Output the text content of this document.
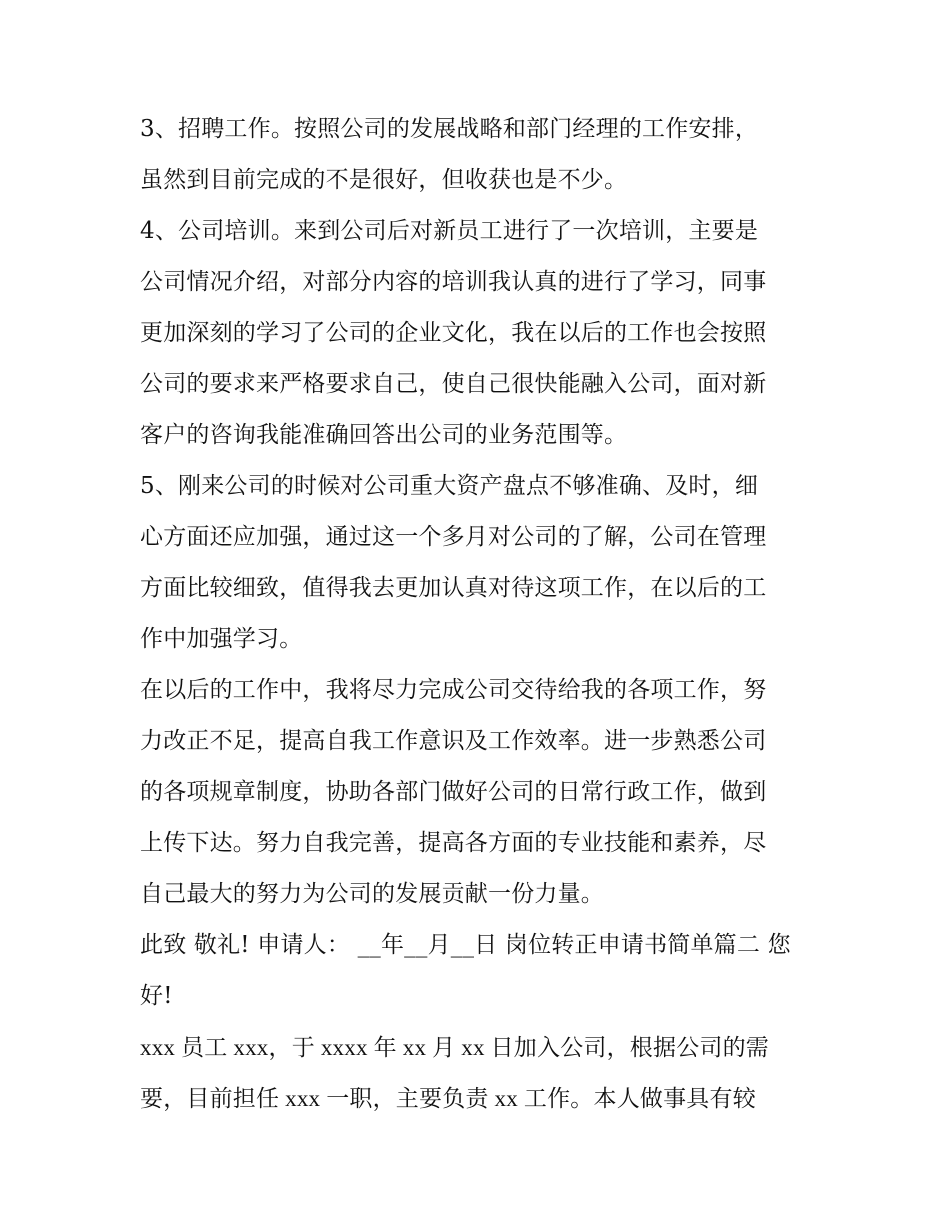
3、招聘工作。按照公司的发展战略和部门经理的工作安排，
虽然到目前完成的不是很好，但收获也是不少。
4、公司培训。来到公司后对新员工进行了一次培训，主要是
公司情况介绍，对部分内容的培训我认真的进行了学习，同事
更加深刻的学习了公司的企业文化，我在以后的工作也会按照
公司的要求来严格要求自己，使自己很快能融入公司，面对新
客户的咨询我能准确回答出公司的业务范围等。
5、刚来公司的时候对公司重大资产盘点不够准确、及时，细
心方面还应加强，通过这一个多月对公司的了解，公司在管理
方面比较细致，值得我去更加认真对待这项工作，在以后的工
作中加强学习。
在以后的工作中，我将尽力完成公司交待给我的各项工作，努
力改正不足，提高自我工作意识及工作效率。进一步熟悉公司
的各项规章制度，协助各部门做好公司的日常行政工作，做到
上传下达。努力自我完善，提高各方面的专业技能和素养，尽
自己最大的努力为公司的发展贡献一份力量。
此致 敬礼! 申请人： __年__月__日 岗位转正申请书简单篇二 您
好!
xxx 员工 xxx，于 xxxx 年 xx 月 xx 日加入公司，根据公司的需
要，目前担任 xxx 一职，主要负责 xx 工作。本人做事具有较
